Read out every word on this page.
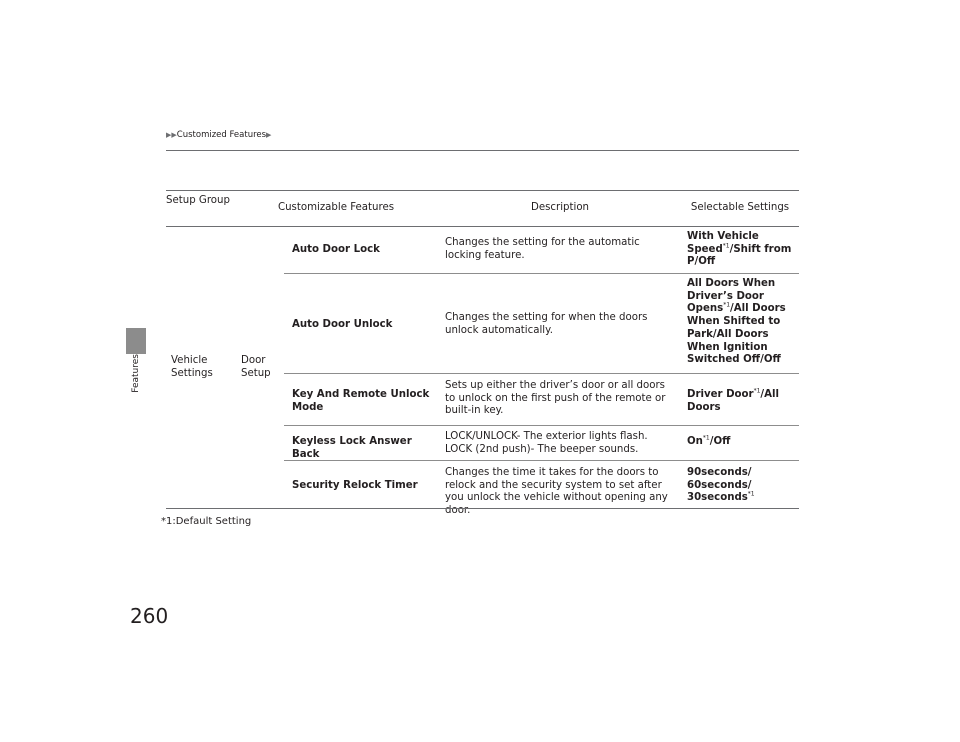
Features
▶▶Customized Features▶
Setup Group
Customizable Features	Description	Selectable Settings
Vehicle Settings
Door Setup
Auto Door Lock
Changes the setting for the automatic locking feature.
With Vehicle Speed$^{*1}$/Shift from P/Off
Auto Door Unlock
Changes the setting for when the doors unlock automatically.
All Doors When Driver’s Door Opens$^{*1}$/All Doors When Shifted to Park/All Doors When Ignition Switched Off/Off
Key And Remote Unlock Mode
Sets up either the driver’s door or all doors to unlock on the first push of the remote or built-in key.
Driver Door$^{*1}$/All Doors
Keyless Lock Answer Back
LOCK/UNLOCK- The exterior lights flash. LOCK (2nd push)- The beeper sounds.
On$^{*1}$/Off
Security Relock Timer
Changes the time it takes for the doors to relock and the security system to set after you unlock the vehicle without opening any door.
90seconds/
60seconds/
30seconds$^{*1}$
*1:Default Setting
260
